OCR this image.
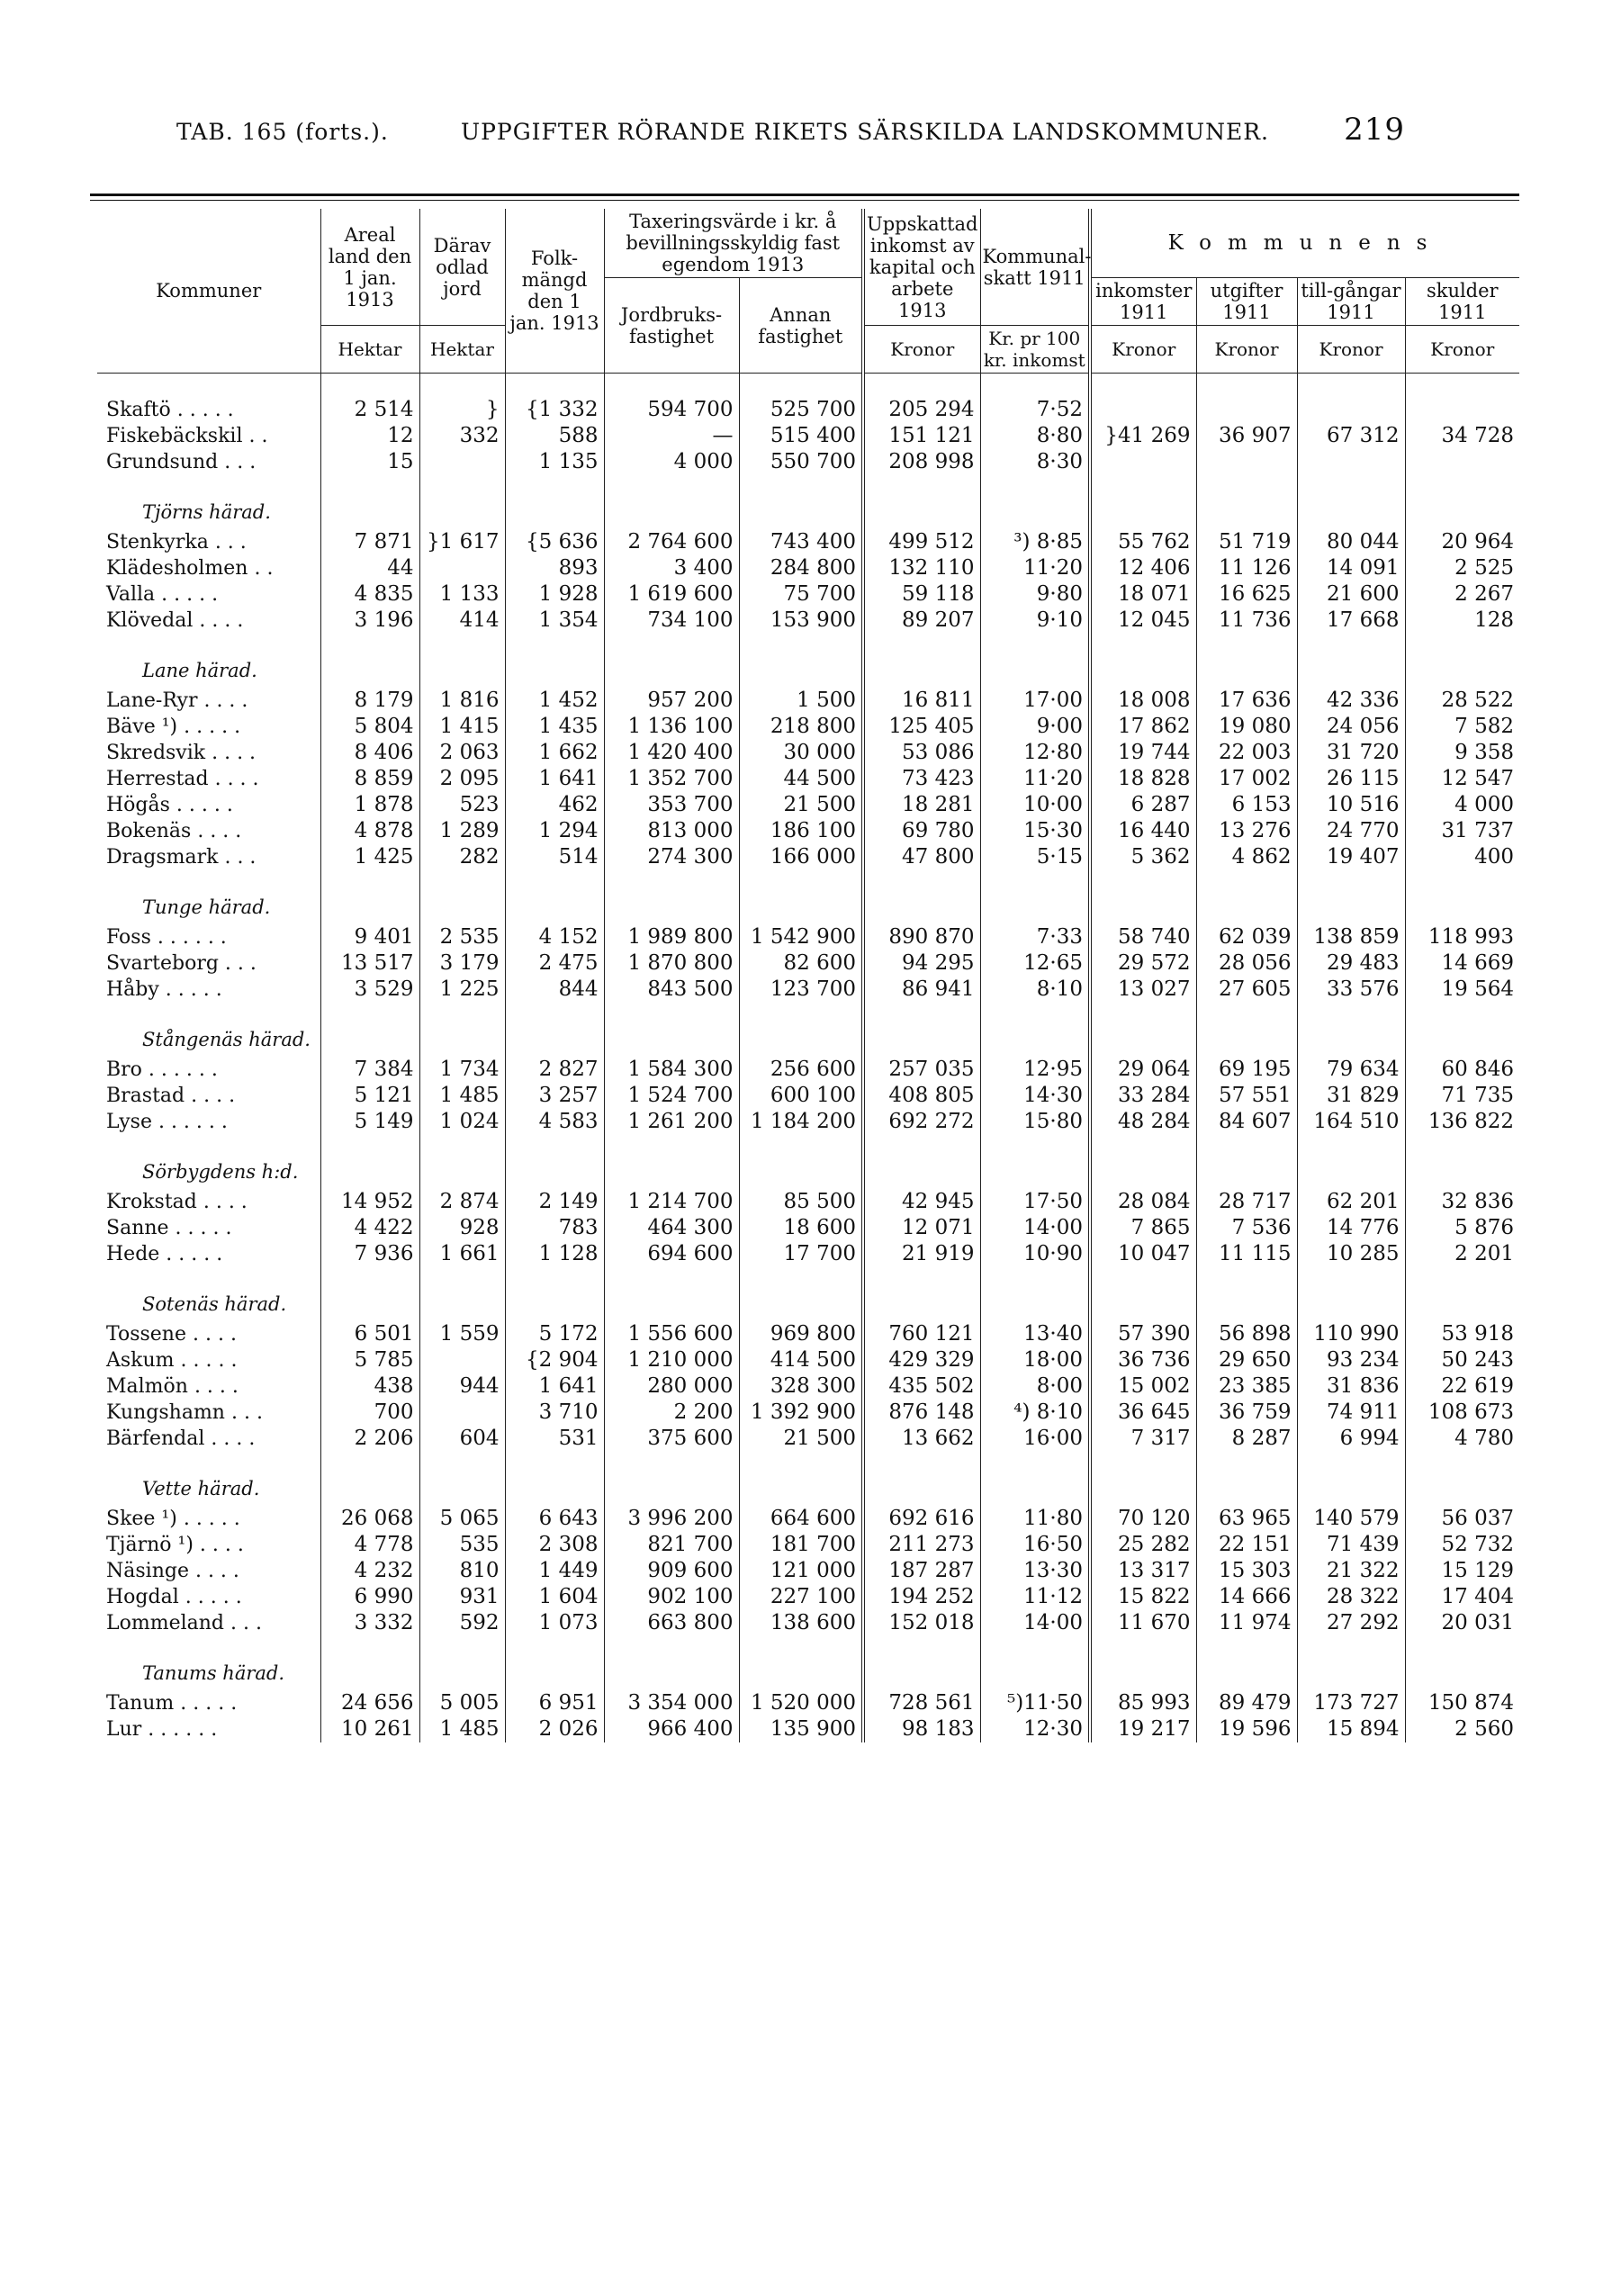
TAB. 165 (forts.).	UPPGIFTER RÖRANDE RIKETS SÄRSKILDA LANDSKOMMUNER. 219
Kommuner	Areal land den 1 jan. 1913	Därav odlad jord	Folk-mängd den 1 jan. 1913	Taxeringsvärde i kr. å bevillningsskyldig fast egendom 1913		Uppskattad inkomst av kapital och arbete 1913	Kommunal-skatt 1911	Kommunens			
				Jordbruks-fastighet	Annan fastighet			inkomster 1911	utgifter 1911	till-gångar 1911	skulder 1911
	Hektar	Hektar				Kronor	Kr. pr 100 kr. inkomst	Kronor	Kronor	Kronor	Kronor

Skaftö . . . . .	2 514	}	{1 332	594 700	525 700	205 294	7·52				
Fiskebäckskil . .	12	332	588	—	515 400	151 121	8·80	}41 269	36 907	67 312	34 728
Grundsund . . .	15		1 135	4 000	550 700	208 998	8·30				
Tjörns härad.											
Stenkyrka . . .	7 871	}1 617	{5 636	2 764 600	743 400	499 512	³) 8·85	55 762	51 719	80 044	20 964
Klädesholmen . .	44		893	3 400	284 800	132 110	11·20	12 406	11 126	14 091	2 525
Valla . . . . .	4 835	1 133	1 928	1 619 600	75 700	59 118	9·80	18 071	16 625	21 600	2 267
Klövedal . . . .	3 196	414	1 354	734 100	153 900	89 207	9·10	12 045	11 736	17 668	128
Lane härad.											
Lane-Ryr . . . .	8 179	1 816	1 452	957 200	1 500	16 811	17·00	18 008	17 636	42 336	28 522
Bäve ¹) . . . . .	5 804	1 415	1 435	1 136 100	218 800	125 405	9·00	17 862	19 080	24 056	7 582
Skredsvik . . . .	8 406	2 063	1 662	1 420 400	30 000	53 086	12·80	19 744	22 003	31 720	9 358
Herrestad . . . .	8 859	2 095	1 641	1 352 700	44 500	73 423	11·20	18 828	17 002	26 115	12 547
Högås . . . . .	1 878	523	462	353 700	21 500	18 281	10·00	6 287	6 153	10 516	4 000
Bokenäs . . . .	4 878	1 289	1 294	813 000	186 100	69 780	15·30	16 440	13 276	24 770	31 737
Dragsmark . . .	1 425	282	514	274 300	166 000	47 800	5·15	5 362	4 862	19 407	400
Tunge härad.											
Foss . . . . . .	9 401	2 535	4 152	1 989 800	1 542 900	890 870	7·33	58 740	62 039	138 859	118 993
Svarteborg . . .	13 517	3 179	2 475	1 870 800	82 600	94 295	12·65	29 572	28 056	29 483	14 669
Håby . . . . .	3 529	1 225	844	843 500	123 700	86 941	8·10	13 027	27 605	33 576	19 564
Stångenäs härad.											
Bro . . . . . .	7 384	1 734	2 827	1 584 300	256 600	257 035	12·95	29 064	69 195	79 634	60 846
Brastad . . . .	5 121	1 485	3 257	1 524 700	600 100	408 805	14·30	33 284	57 551	31 829	71 735
Lyse . . . . . .	5 149	1 024	4 583	1 261 200	1 184 200	692 272	15·80	48 284	84 607	164 510	136 822
Sörbygdens h:d.											
Krokstad . . . .	14 952	2 874	2 149	1 214 700	85 500	42 945	17·50	28 084	28 717	62 201	32 836
Sanne . . . . .	4 422	928	783	464 300	18 600	12 071	14·00	7 865	7 536	14 776	5 876
Hede . . . . .	7 936	1 661	1 128	694 600	17 700	21 919	10·90	10 047	11 115	10 285	2 201
Sotenäs härad.											
Tossene . . . .	6 501	1 559	5 172	1 556 600	969 800	760 121	13·40	57 390	56 898	110 990	53 918
Askum . . . . .	5 785		{2 904	1 210 000	414 500	429 329	18·00	36 736	29 650	93 234	50 243
Malmön . . . .	438	944	1 641	280 000	328 300	435 502	8·00	15 002	23 385	31 836	22 619
Kungshamn . . .	700		3 710	2 200	1 392 900	876 148	⁴) 8·10	36 645	36 759	74 911	108 673
Bärfendal . . . .	2 206	604	531	375 600	21 500	13 662	16·00	7 317	8 287	6 994	4 780
Vette härad.											
Skee ¹) . . . . .	26 068	5 065	6 643	3 996 200	664 600	692 616	11·80	70 120	63 965	140 579	56 037
Tjärnö ¹) . . . .	4 778	535	2 308	821 700	181 700	211 273	16·50	25 282	22 151	71 439	52 732
Näsinge . . . .	4 232	810	1 449	909 600	121 000	187 287	13·30	13 317	15 303	21 322	15 129
Hogdal . . . . .	6 990	931	1 604	902 100	227 100	194 252	11·12	15 822	14 666	28 322	17 404
Lommeland . . .	3 332	592	1 073	663 800	138 600	152 018	14·00	11 670	11 974	27 292	20 031
Tanums härad.											
Tanum . . . . .	24 656	5 005	6 951	3 354 000	1 520 000	728 561	⁵)11·50	85 993	89 479	173 727	150 874
Lur . . . . . .	10 261	1 485	2 026	966 400	135 900	98 183	12·30	19 217	19 596	15 894	2 560
